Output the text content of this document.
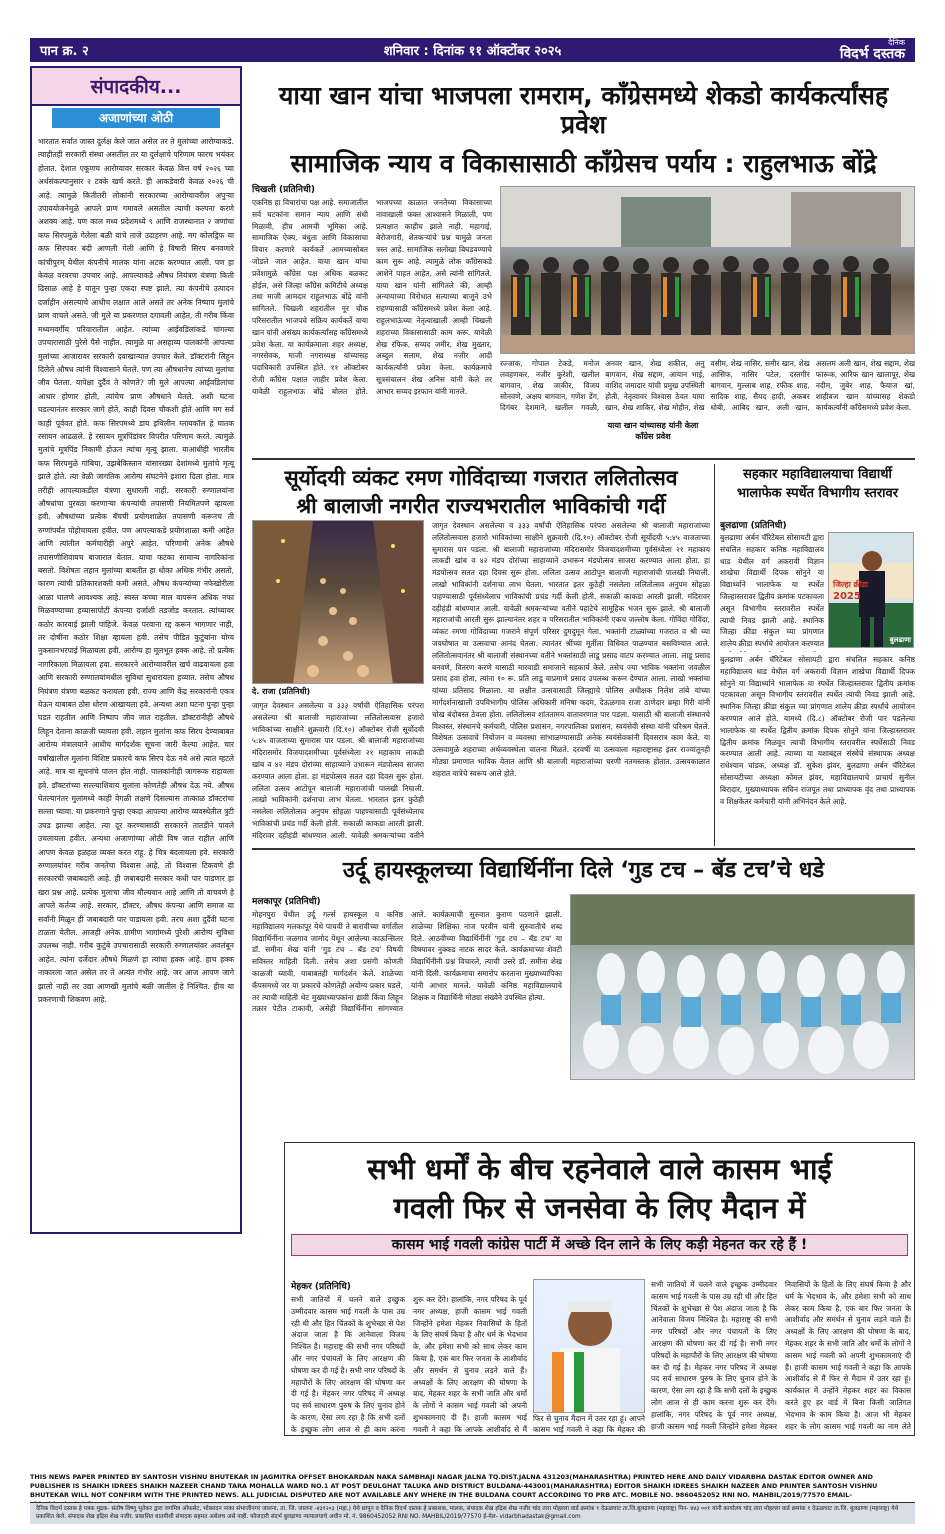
पान क्र. २	शनिवार : दिनांक ११ ऑक्टोंबर २०२५
दैनिक
विदर्भ दस्तक
संपादकीय...
अजाणांच्या ओठी
भारतात सर्वात जास्त दुर्लक्ष केले जात असेल तर ते मुलांच्या आरोग्याकडे. त्याहीतही सरकारी संस्था असतील तर या दुर्लक्षाचे परिणाम फारच भयंकर होतात. देशात एकूणच आरोग्यावर सरकार केवळ वित्त वर्ष २०२६ च्या अर्थसंकल्पानुसार २ टक्के खर्च करते. ही आकडेवारी केवळ २०२६ ची आहे. त्यामुळे कितीतरी लोकांनी सरकारच्या आरोग्यावरील अपुऱ्या उपाययोजनेमुळे आपले प्राण गमावले असतील त्याची कल्पना करणे अशक्य आहे. पण काल मध्य प्रदेशमध्ये ९ आणि राजस्थानात २ जणांचा कफ सिरपमुळे गेलेला बळी याचे ताजे उदाहरण आहे. मग कोलड्रिफ या कफ सिरपवर बंदी आणली गेली आणि हे विषारी सिरप बनवणारे कांचीपुरम् येथील कंपनीचे मालक यांना अटक करण्यात आली. पण हा केवळ वरवरचा उपचार आहे. आपल्याकडे औषध नियंत्रण यंत्रणा किती ढिसाळ आहे हे यातून पुन्हा एकदा स्पष्ट झाले. त्या कंपनीचे उत्पादन दर्जाहीन असल्याचे आधीच लक्षात आले असते तर अनेक निष्पाप मुलांचे प्राण वाचले असते. जी मुले या प्रकरणात दगावली आहेत, ती गरीब किंवा मध्यमवर्गीय परिवारातील आहेत. त्यांच्या आईवडिलांकडे चांगल्या उपचारासाठी पुरेसे पैसे नाहीत. त्यामुळे या असहाय्य पालकांनी आपल्या मुलांच्या आजारावर सरकारी दवाखान्यात उपचार केले. डॉक्टरांनी लिहून दिलेले औषध त्यांनी विश्वासाने घेतले. पण त्या औषधानेच त्यांच्या मुलांचा जीव घेतला. यापेक्षा दुर्दैव ते कोणते? जी मुले आपल्या आईवडिलांचा आधार होणार होती, त्यांचेच प्राण औषधाने घेतले. अशी घटना घडल्यानंतर सरकार जागे होते, काही दिवस चौकशी होते आणि मग सर्व काही पूर्ववत होते. कफ सिरपमध्ये डाय इथिलीन ग्लायकॉल हे घातक रसायन आढळले. हे रसायन मूत्रपिंडांवर विपरीत परिणाम करते. त्यामुळे मुलांचे मूत्रपिंड निकामी होऊन त्यांचा मृत्यू झाला. याआधीही भारतीय कफ सिरपमुळे गांबिया, उझबेकिस्तान यांसारख्या देशांमध्ये मुलांचे मृत्यू झाले होते. त्या वेळी जागतिक आरोग्य संघटनेने इशारा दिला होता. मात्र तरीही आपल्याकडील यंत्रणा सुधारली नाही. सरकारी रुग्णालयांना औषधांचा पुरवठा करणाऱ्या कंपन्यांची तपासणी नियमितपणे व्हायला हवी. औषधांच्या प्रत्येक बॅचची प्रयोगशाळेत तपासणी करूनच ती रुग्णांपर्यंत पोहोचायला हवीत. पण आपल्याकडे प्रयोगशाळा कमी आहेत आणि त्यांतील कर्मचारीही अपुरे आहेत. परिणामी अनेक औषधे तपासणीशिवायच बाजारात येतात. याचा फटका सामान्य नागरिकांना बसतो. विशेषतः लहान मुलांच्या बाबतीत हा धोका अधिक गंभीर असतो, कारण त्यांची प्रतिकारशक्ती कमी असते. औषध कंपन्यांच्या नफेखोरीला आळा घालणे आवश्यक आहे. स्वस्त कच्चा माल वापरून अधिक नफा मिळवण्याच्या हव्यासापोटी कंपन्या दर्जाशी तडजोड करतात. त्यांच्यावर कठोर कारवाई झाली पाहिजे. केवळ परवाना रद्द करून भागणार नाही, तर दोषींना कठोर शिक्षा व्हायला हवी. तसेच पीडित कुटुंबांना योग्य नुकसानभरपाई मिळायला हवी. आरोग्य हा मूलभूत हक्क आहे. तो प्रत्येक नागरिकाला मिळायला हवा. सरकारने आरोग्यावरील खर्च वाढवायला हवा आणि सरकारी रुग्णालयांमधील सुविधा सुधारायला हव्यात. तसेच औषध नियंत्रण यंत्रणा बळकट करायला हवी. राज्य आणि केंद्र सरकारांनी एकत्र येऊन याबाबत ठोस धोरण आखायला हवे. अन्यथा अशा घटना पुन्हा पुन्हा घडत राहतील आणि निष्पाप जीव जात राहतील. डॉक्टरांनीही औषधे लिहून देताना काळजी घ्यायला हवी. लहान मुलांना कफ सिरप देण्याबाबत आरोग्य मंत्रालयाने आधीच मार्गदर्शक सूचना जारी केल्या आहेत. चार वर्षांखालील मुलांना विशिष्ट प्रकारचे कफ सिरप देऊ नये असे त्यात म्हटले आहे. मात्र या सूचनांचे पालन होत नाही. पालकांनीही जागरूक राहायला हवे. डॉक्टरांच्या सल्ल्याशिवाय मुलांना कोणतेही औषध देऊ नये. औषध घेतल्यानंतर मुलांमध्ये काही वेगळी लक्षणे दिसल्यास तात्काळ डॉक्टरांचा सल्ला घ्यावा. या प्रकरणाने पुन्हा एकदा आपल्या आरोग्य व्यवस्थेतील त्रुटी उघड झाल्या आहेत. त्या दूर करण्यासाठी सरकारने तातडीने पावले उचलायला हवीत. अन्यथा अजाणांच्या ओठी विष जात राहील आणि आपण केवळ हळहळ व्यक्त करत राहू. हे चित्र बदलायला हवे. सरकारी रुग्णालयांवर गरीब जनतेचा विश्वास आहे, तो विश्वास टिकवणे ही सरकारची जबाबदारी आहे. ही जबाबदारी सरकार कधी पार पाडणार हा खरा प्रश्न आहे. प्रत्येक मुलाचा जीव मौल्यवान आहे आणि तो वाचवणे हे आपले कर्तव्य आहे. सरकार, डॉक्टर, औषध कंपन्या आणि समाज या सर्वांनी मिळून ही जबाबदारी पार पाडायला हवी. तरच अशा दुर्दैवी घटना टाळता येतील. आजही अनेक ग्रामीण भागांमध्ये पुरेशी आरोग्य सुविधा उपलब्ध नाही. गरीब कुटुंबे उपचारासाठी सरकारी रुग्णालयांवर अवलंबून आहेत. त्यांना दर्जेदार औषधे मिळणे हा त्यांचा हक्क आहे. हाच हक्क नाकारला जात असेल तर ते अत्यंत गंभीर आहे. जर आज आपण जागे झालो नाही तर उद्या आणखी मुलांचे बळी जातील हे निश्चित. हीच या प्रकरणाची शिकवण आहे.
याया खान यांचा भाजपला रामराम, काँग्रेसमध्ये शेकडो कार्यकर्त्यांसह प्रवेश
सामाजिक न्याय व विकासासाठी काँग्रेसच पर्याय : राहुलभाऊ बोंद्रे
चिखली (प्रतिनिधी)
एकनिष्ठ हा विचारांचा पक्ष आहे. समाजातील सर्व घटकांना समान न्याय आणि संधी मिळावी, हीच आमची भूमिका आहे. सामाजिक ऐक्य, बंधुता आणि विकासाचा विचार करणारे कार्यकर्ते आमच्यासोबत जोडले जात आहेत. याया खान यांचा प्रवेशामुळे काँग्रेस पक्ष अधिक बळकट होईल, असे जिल्हा काँग्रेस कमिटीचे अध्यक्ष तथा माजी आमदार राहुलभाऊ बोंद्रे यांनी सांगितले. चिखली शहरातील नूर चौक परिसरातील भाजपचे सक्रिय कार्यकर्ते याया खान यांनी असंख्य कार्यकर्त्यांसह काँग्रेसमध्ये प्रवेश केला. या कार्यक्रमाला शहर अध्यक्ष, नगरसेवक, माजी नगराध्यक्ष यांच्यासह पदाधिकारी उपस्थित होते. ११ ऑक्टोबर रोजी काँग्रेस पक्षात जाहीर प्रवेश केला. यावेळी राहुलभाऊ बोंद्रे बोलत होते. भाजपच्या काळात जनतेच्या विकासाच्या नावाखाली फक्त आश्वासने मिळाली, पण प्रत्यक्षात काहीच झाले नाही. महागाई, बेरोजगारी, शेतकऱ्यांचे प्रश्न यामुळे जनता त्रस्त आहे. सामाजिक सलोखा बिघडवण्याचे काम सुरू आहे. त्यामुळे लोक काँग्रेसकडे आशेने पाहत आहेत, असे त्यांनी सांगितले. याया खान यांनी सांगितले की, आम्ही अन्यायाच्या विरोधात सत्याच्या बाजूने उभे राहण्यासाठी काँग्रेसमध्ये प्रवेश केला आहे. राहुलभाऊंच्या नेतृत्वाखाली आम्ही चिखली शहराच्या विकासासाठी काम करू. यावेळी शेख रफिक, सय्यद जमीर, शेख मुख्तार, अब्दुल सलाम, शेख नजीर आदी कार्यकर्त्यांनी प्रवेश केला. कार्यक्रमाचे सूत्रसंचालन शेख अनिस यांनी केले तर आभार सय्यद इरफान यांनी मानले.
रज्जाक, गोपाल टेकडे, मनोज लवहणकर, नजीर कुरेशी, खलील बागवान, शेख जाकीर, विजय सोनवणे, अक्षय बागवान, गणेश डेंग, दिगंबर देशमाने, खलील गवळी, अनवर खान, शेख शकील, अनु बागवान, शेख सद्दाम, आयान भाई, वाशिद जमादार यांची प्रमुख उपस्थिती होती. नेतृत्वावर विश्वास ठेवत याया खान, शेख शाकिर, शेख मोहीन, शेख वसीम, शेख नासिर, समीर खान, शेख आसिफ, नासिर पटेल, दस्तगीर बागवान, मुल्लाब शाह, रफीक शाह, सादिक शाह, सैयद हादी, अकबर धोबी, आबिद खान, अली खान, असलम अली खान, शेख सद्दाम, शेख फारूक, आरिफ खान खालापूर, शेख नदीम, जुबेर शाह, फैयाज खां, शाहीबज खान यांच्यासह शेकडो कार्यकर्त्यांनी काँग्रेसमध्ये प्रवेश केला.
याया खान यांच्यासह यांनी केला काँग्रेस प्रवेश
सूर्योदयी व्यंकट रमण गोविंदाच्या गजरात ललितोत्सव
श्री बालाजी नगरीत राज्यभरातील भाविकांची गर्दी
दे. राजा (प्रतिनिधी)
जागृत देवस्थान असलेल्या व ३३३ वर्षांची ऐतिहासिक परंपरा असलेल्या श्री बालाजी महाराजांच्या ललितोत्सवास हजारो भाविकांच्या साक्षीने शुक्रवारी (दि.१०) ऑक्टोबर रोजी सूर्योदयी ५:४५ वाजताच्या सुमारास पार पडला. श्री बालाजी महाराजांच्या मंदिरासमोर विजयादशमीच्या पूर्वसंध्येला २१ महाकाय लाकडी खांब व ४२ मंडप दोरांच्या साहाय्याने उभारून मंडपोत्सव साजरा करण्यात आला होता. हा मंडपोत्सव सतत दहा दिवस सुरू होता. ललिता उत्सव आटोपून बालाजी महाराजांची पालखी निघाली. लाखो भाविकांनी दर्शनाचा लाभ घेतला. भारतात इतर कुठेही नसलेला ललितोत्सव अनुपम सोहळा पाहण्यासाठी पूर्वसंध्येलाच भाविकांची प्रचंड गर्दी केली होती. सकाळी काकडा आरती झाली. मंदिरावर दहीहंडी बांधण्यात आली. यावेळी श्रमकऱ्यांच्या वतीने पहाटेचे सामूहिक भजन सुरू झाले. श्री बालाजी महाराजांची आरती सुरू झाल्यानंतर शहर व परिसरातील भाविकांनी एकच जल्लोष केला. गोविंदा गोविंदा, व्यंकट रमणा गोविंदाच्या गजराने संपूर्ण परिसर दुमदुमून गेला. भक्तांनी टाळ्यांच्या गजरात व श्री च्या जयघोषात या उत्सवाचा आनंद घेतला. त्यानंतर श्रींच्या मूर्तीला विधिवत पाळण्यात बसविण्यात आले. ललितोत्सवानंतर श्री बालाजी संस्थानच्या वतीने भक्तांसाठी लाडू प्रसाद वाटप करण्यात आला. लाडू प्रसाद बनवणे, वितरण करणे यासाठी मारवाडी समाजाने सहकार्य केले. तसेच ज्या भाविक भक्तांना जवळील प्रसाद हवा होता, त्यांना १० रू. प्रति लाडू याप्रमाणे प्रसाद उपलब्ध करून देण्यात आला. लाखो भक्तांचा यांच्या प्रतिसाद मिळाला. या लक्षीत उत्सवासाठी जिल्ह्याचे पोलिस अधीक्षक निलेश तांबे यांच्या मार्गदर्शनाखाली उपविभागीय पोलिस अधिकारी मनिषा कदम, देऊळगाव राजा ठाणेदार ब्रम्हा गिरी यांनी चोख बंदोबस्त ठेवला होता. ललितोत्सव शांततामय वातावरणात पार पडला. यासाठी श्री बालाजी संस्थानचे विश्वस्त, संस्थानचे कर्मचारी, पोलिस प्रशासन, नगरपालिका प्रशासन, स्वयंसेवी संस्था यांनी परिश्रम घेतले. विशेषतः उत्सवाचे नियोजन व व्यवस्था सांभाळण्यासाठी अनेक स्वयंसेवकांनी दिवसरात्र काम केले. या उत्सवामुळे शहराच्या अर्थव्यवस्थेला चालना मिळते. दरवर्षी या उत्सवाला महाराष्ट्रासह इतर राज्यांतूनही मोठ्या प्रमाणात भाविक येतात आणि श्री बालाजी महाराजांच्या चरणी नतमस्तक होतात. उत्सवकाळात शहरात यात्रेचे स्वरूप आले होते.
जागृत देवस्थान असलेल्या व ३३३ वर्षांची ऐतिहासिक परंपरा असलेल्या श्री बालाजी महाराजांच्या ललितोत्सवास हजारो भाविकांच्या साक्षीने शुक्रवारी (दि.१०) ऑक्टोबर रोजी सूर्योदयी ५:४५ वाजताच्या सुमारास पार पडला. श्री बालाजी महाराजांच्या मंदिरासमोर विजयादशमीच्या पूर्वसंध्येला २१ महाकाय लाकडी खांब व ४२ मंडप दोरांच्या साहाय्याने उभारून मंडपोत्सव साजरा करण्यात आला होता. हा मंडपोत्सव सतत दहा दिवस सुरू होता. ललिता उत्सव आटोपून बालाजी महाराजांची पालखी निघाली. लाखो भाविकांनी दर्शनाचा लाभ घेतला. भारतात इतर कुठेही नसलेला ललितोत्सव अनुपम सोहळा पाहण्यासाठी पूर्वसंध्येलाच भाविकांची प्रचंड गर्दी केली होती. सकाळी काकडा आरती झाली. मंदिरावर दहीहंडी बांधण्यात आली. यावेळी श्रमकऱ्यांच्या वतीने
सहकार महाविद्यालयाचा विद्यार्थी
भालाफेक स्पर्धेत विभागीय स्तरावर
बुलढाणा (प्रतिनिधी)
जिल्हा क्रीडा
2025
बुलढाणा
बुलढाणा अर्बन चॅरिटेबल सोसायटी द्वारा संचलित सहकार कनिष्ठ महाविद्यालय धाड येथील वर्ग अकरावी विज्ञान शाखेचा विद्यार्थी दिपक सोनुने या विद्यार्थ्याने भालाफेक या स्पर्धेत जिल्हास्तरावर द्वितीय क्रमांक पटकावला असून विभागीय स्तरावरील स्पर्धेत त्याची निवड झाली आहे. स्थानिक जिल्हा क्रीडा संकुल च्या प्रांगणात शालेय क्रीडा स्पर्धांचे आयोजन करण्यात
बुलढाणा अर्बन चॅरिटेबल सोसायटी द्वारा संचलित सहकार कनिष्ठ महाविद्यालय धाड येथील वर्ग अकरावी विज्ञान शाखेचा विद्यार्थी दिपक सोनुने या विद्यार्थ्याने भालाफेक या स्पर्धेत जिल्हास्तरावर द्वितीय क्रमांक पटकावला असून विभागीय स्तरावरील स्पर्धेत त्याची निवड झाली आहे. स्थानिक जिल्हा क्रीडा संकुल च्या प्रांगणात शालेय क्रीडा स्पर्धांचे आयोजन करण्यात आले होते. यामध्ये (दि.८) ऑक्टोबर रोजी पार पडलेल्या भालाफेक या स्पर्धेत द्वितीय क्रमांक दिपक सोनुने यांना जिल्हास्तरावर द्वितीय क्रमांक मिळवून त्याची विभागीय स्तरावरील स्पर्धेसाठी निवड करण्यात आली आहे. त्याच्या या यशाबद्दल संस्थेचे संस्थापक अध्यक्ष राधेश्याम चांडक, अध्यक्ष डॉ. सुकेश झंवर, बुलढाणा अर्बन चॅरिटेबल सोसायटीच्या अध्यक्षा कोमल झंवर, महाविद्यालयाचे प्राचार्य सुनील बिरादार, मुख्याध्यापक सचिन राजपूत तथा प्राध्यापक वृंद तथा प्राध्यापक व शिक्षकेतर कर्मचारी यांनी अभिनंदन केले आहे.
उर्दू हायस्कूलच्या विद्यार्थिनींना दिले ‘गुड टच – बॅड टच’चे धडे
मलकापूर (प्रतिनिधी)
मोहनपुरा येथील उर्दू गर्ल्स हायस्कूल व कनिष्ठ महाविद्यालय मलकापूर येथे पाचवी ते बारावीच्या वर्गातील विद्यार्थिनींना जळगाव जामोद येथून आलेल्या काऊन्सिलर डॉ. समीना शेख यांनी ‘गुड टच – बॅड टच’ विषयी सविस्तर माहिती दिली. तसेच अशा प्रसंगी कोणती काळजी घ्यावी, याबाबतही मार्गदर्शन केले. शाळेच्या कँपसमध्ये जर या प्रकारचे कोणतेही अयोग्य प्रकार घडले, तर त्याची माहिती थेट मुख्याध्यापकांना द्यावी किंवा लिहून तक्रार पेटीत टाकावी, असेही विद्यार्थिनींना सांगण्यात आले. कार्यक्रमाची सुरुवात कुराण पठणाने झाली. शाळेच्या शिक्षिका नाज परवीन यांनी सुरुवातीचे शब्द दिले. आठवीच्या विद्यार्थिनींनी ‘गुड टच – बॅड टच’ या विषयावर नुक्कड नाटक सादर केले. कार्यक्रमाच्या शेवटी विद्यार्थिनींनी प्रश्न विचारले, त्याची उत्तरे डॉ. समीना शेख यांनी दिली. कार्यक्रमाचा समारोप करताना मुख्याध्यापिका यांनी आभार मानले. यावेळी कनिष्ठ महाविद्यालयाचे शिक्षक व विद्यार्थिनी मोठ्या संख्येने उपस्थित होत्या.
सभी धर्मों के बीच रहनेवाले वाले कासम भाई
गवली फिर से जनसेवा के लिए मैदान में
कासम भाई गवली कांग्रेस पार्टी में अच्छे दिन लाने के लिए कड़ी मेहनत कर रहे हैं !
मेहकर (प्रतिनिधि)
सभी जातियों में चलने वाले इच्छुक उम्मीदवार कासम भाई गवली के पास उम्र रही थी और हित चिंतकों के शुभेच्छा से पेश अंदाज जाता है कि आनेवाला विजय निश्चित है। महाराष्ट्र की सभी नगर परिषदों और नगर पंचायतों के लिए आरक्षण की घोषणा कर दी गई है। सभी नगर परिषदों के महापौरों के लिए आरक्षण की घोषणा कर दी गई है। मेहकर नगर परिषद में अध्यक्ष पद सर्व साधारण पुरुष के लिए चुनाव होने के कारण, ऐसा लग रहा है कि सभी दलों के इच्छुक लोग आज से ही काम करना शुरू कर देंगे। हालांकि, नगर परिषद के पूर्व नगर अध्यक्ष, हाजी कासम भाई गवली जिन्होंने हमेशा मेहकर निवासियों के हितों के लिए संघर्ष किया है और धर्म के भेदभाव के, और हमेशा सभी को साथ लेकर काम किया है, एक बार फिर जनता के आशीर्वाद और समर्थन से चुनाव लड़ने वाले हैं। अध्यक्षों के लिए आरक्षण की घोषणा के बाद, मेहकर शहर के सभी जाति और धर्मों के लोगों ने कासम भाई गवली को अपनी शुभकामनाएं दी हैं। हाजी कासम भाई गवली ने कहा कि आपके आशीर्वाद से मैं
फिर से चुनाव मैदान में उतर रहा हूं। आपने कासम भाई गवली ने कहा कि मेहकर की
सभी जातियों में चलने वाले इच्छुक उम्मीदवार कासम भाई गवली के पास उम्र रही थी और हित चिंतकों के शुभेच्छा से पेश अंदाज जाता है कि आनेवाला विजय निश्चित है। महाराष्ट्र की सभी नगर परिषदों और नगर पंचायतों के लिए आरक्षण की घोषणा कर दी गई है। सभी नगर परिषदों के महापौरों के लिए आरक्षण की घोषणा कर दी गई है। मेहकर नगर परिषद में अध्यक्ष पद सर्व साधारण पुरुष के लिए चुनाव होने के कारण, ऐसा लग रहा है कि सभी दलों के इच्छुक लोग आज से ही काम करना शुरू कर देंगे। हालांकि, नगर परिषद के पूर्व नगर अध्यक्ष, हाजी कासम भाई गवली जिन्होंने हमेशा मेहकर निवासियों के हितों के लिए संघर्ष किया है और धर्म के भेदभाव के, और हमेशा सभी को साथ लेकर काम किया है, एक बार फिर जनता के आशीर्वाद और समर्थन से चुनाव लड़ने वाले हैं। अध्यक्षों के लिए आरक्षण की घोषणा के बाद, मेहकर शहर के सभी जाति और धर्मों के लोगों ने कासम भाई गवली को अपनी शुभकामनाएं दी हैं। हाजी कासम भाई गवली ने कहा कि आपके आशीर्वाद से मैं फिर से मैदान में उतर रहा हूं। कार्यकाल में उन्होंने मेहकर शहर का विकास करते हुए हर वार्ड में बिना किसी जातिगत भेदभाव के काम किया है। आज भी मेहकर शहर के लोग कासम भाई गवली का नाम लेते
THIS NEWS PAPER PRINTED BY SANTOSH VISHNU BHUTEKAR IN JAGMITRA OFFSET BHOKARDAN NAKA SAMBHAJI NAGAR JALNA TQ.DIST.JALNA 431203(MAHARASHTRA) PRINTED HERE AND DAILY VIDARBHA DASTAK EDITOR OWNER AND PUBLISHER IS SHAIKH IDREES SHAIKH NAZEER CHAND TARA MOHALLA WARD NO.1 AT POST DEULGHAT TALUKA AND DISTRICT BULDANA-443001(MAHARASHTRA) EDITOR SHAIKH IDREES SHAIKH NAZEER AND PRINTER SANTOSH VISHNU BHUTEKAR WILL NOT CONFIRM WITH THE PRINTED NEWS. ALL JUDICIAL DISPUTED ARE NOT AVAILABLE ANY WHERE IN THE BULDANA COURT ACCORDING TO PRB ATC. MOBILE NO. 9860452052 RNI NO. MAHBIL/2019/77570 EMAIL-
दैनिक विदर्भ दस्तक हे पत्रक मुद्रक- संतोष विष्णू भुतेकर द्वारा जगमित्र ऑफसेट, भोकरदन नाका संभाजीनगर जालना, ता. जि. जालना -४३१२०३ (महा.) येथे छापून व दैनिक विदर्भ दस्तक हे प्रकाशक, मालक, संपादक शेख इद्रिस शेख नजीर चांद तारा मोहल्ला वार्ड क्रमांक १ देऊळघाट ता.जि.बुलढाणा (महाराष्ट्र) पिन- ४४३ ००१ यांनी कार्यालय चांद तारा मोहल्ला वार्ड क्रमांक १ देऊळघाट ता.जि. बुलढाणा (महाराष्ट्र) येथे प्रकाशित केले. संपादक शेख इद्रिस शेख नजीर. प्रकाशित बातमीशी संपादक सहमत असेलच असे नाही. फौजदारी संदर्भ बुलढाणा न्यायालयाचे अधीन मो. नं. 9860452052 RNI NO. MAHBIL/2019/77570 ई-मेल- vidarbhadastak@gmail.com
